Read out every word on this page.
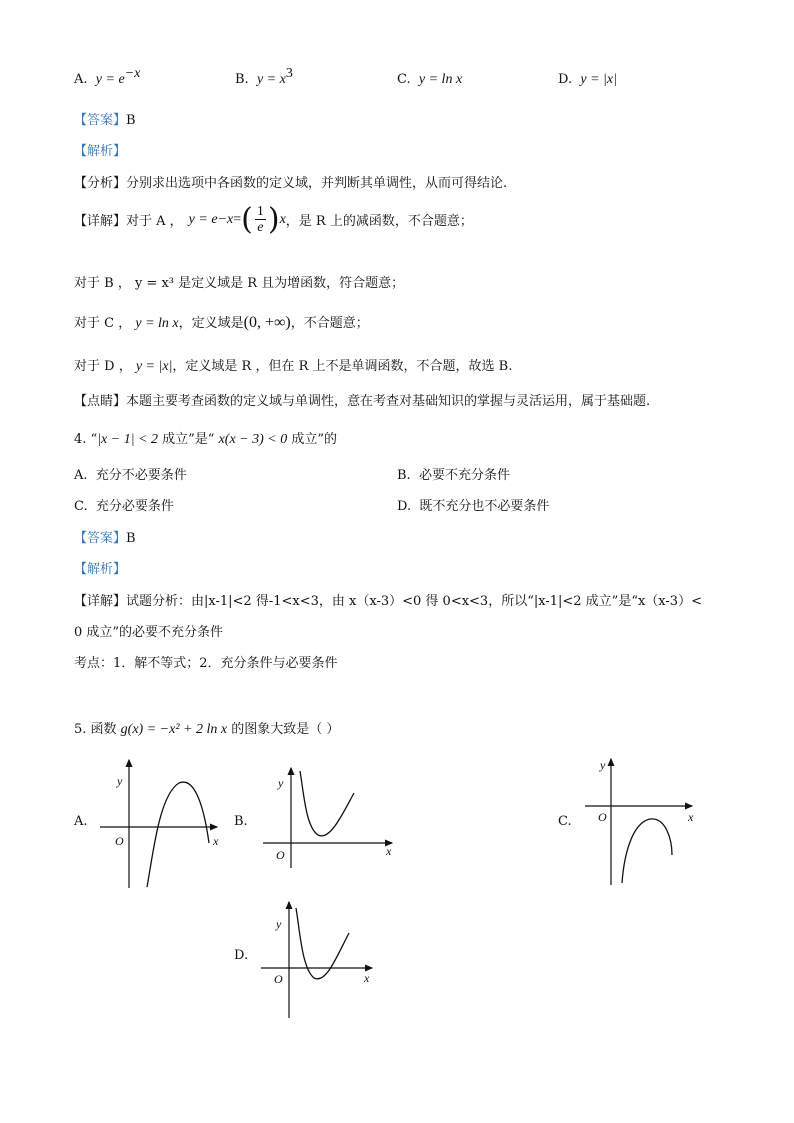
A. $y = e^{-x}$	B. $y = x^3$	C. y = ln x	D. y = |x|
【答案】B
【解析】
【分析】分别求出选项中各函数的定义域，并判断其单调性，从而可得结论.
【详解】 对于 A ， y = e −x = ( $\frac{1}{e}$ ) x ，是 R 上的减函数，不合题意；
对于 B ， y = x³ 是定义域是 R 且为增函数，符合题意；
对于 C ， y = ln x，定义域是(0, +∞)，不合题意；
对于 D ， y = |x|，定义域是 R ，但在 R 上不是单调函数，不合题，故选 B.
【点睛】本题主要考查函数的定义域与单调性，意在考查对基础知识的掌握与灵活运用，属于基础题.
4. “|x − 1| < 2 成立”是“ x(x − 3) < 0 成立”的
A. 充分不必要条件	B. 必要不充分条件
C. 充分必要条件	D. 既不充分也不必要条件
【答案】B
【解析】
【详解】试题分析：由|x-1|<2 得-1<x<3，由 x（x-3）<0 得 0<x<3，所以“|x-1|<2 成立”是“x（x-3）<
0 成立”的必要不充分条件
考点：1．解不等式；2．充分条件与必要条件
5. 函数 g(x) = −x² + 2 ln x 的图象大致是（ ）
A.
y
O	x
B.
y
O	x
C.
y
O	x
D.
y
O	x
